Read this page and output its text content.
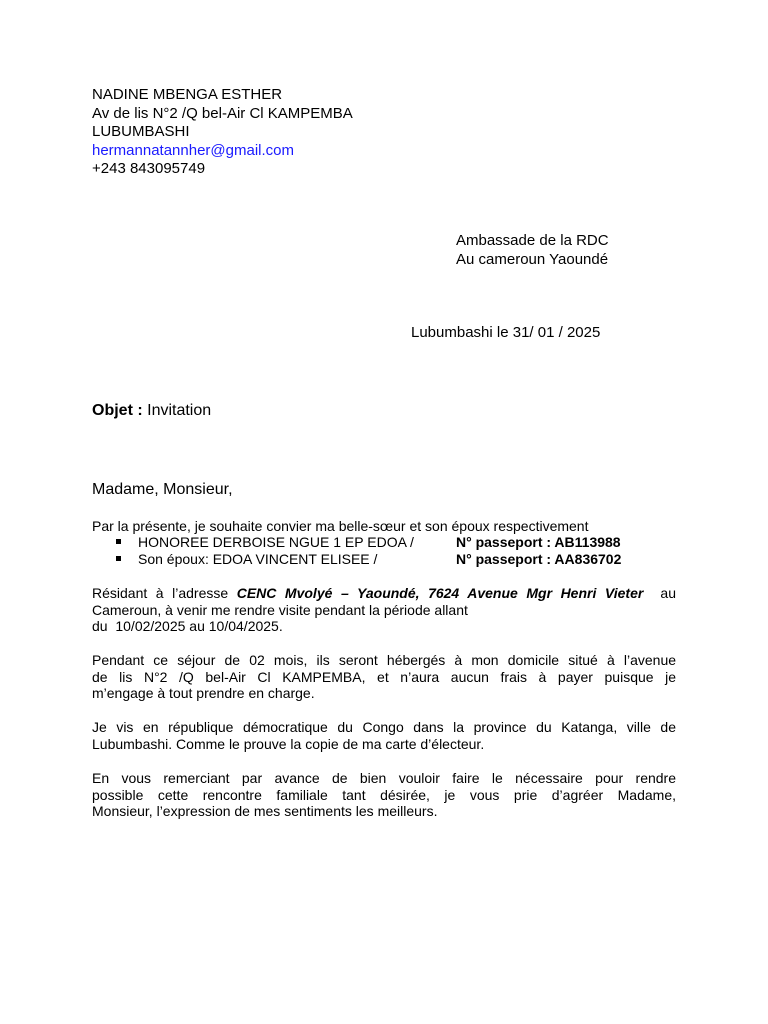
NADINE MBENGA ESTHER
Av de lis N°2 /Q bel-Air Cl KAMPEMBA
LUBUMBASHI
hermannatannher@gmail.com
+243 843095749
Ambassade de la RDC
Au cameroun Yaoundé
Lubumbashi le 31/ 01 / 2025
Objet : Invitation
Madame, Monsieur,
Par la présente, je souhaite convier ma belle-sœur et son époux respectivement
HONOREE DERBOISE NGUE 1 EP EDOA /	N° passeport : AB113988
Son époux: EDOA VINCENT ELISEE /	N° passeport : AA836702
Résidant à l’adresse CENC Mvolyé – Yaoundé, 7624 Avenue Mgr Henri Vieter  au
Cameroun, à venir me rendre visite pendant la période allant
du  10/02/2025 au 10/04/2025.
Pendant ce séjour de 02 mois, ils seront hébergés à mon domicile situé à l’avenue
de lis N°2 /Q bel-Air Cl KAMPEMBA, et n’aura aucun frais à payer puisque je
m’engage à tout prendre en charge.
Je vis en république démocratique du Congo dans la province du Katanga, ville de
Lubumbashi. Comme le prouve la copie de ma carte d’électeur.
En vous remerciant par avance de bien vouloir faire le nécessaire pour rendre
possible cette rencontre familiale tant désirée, je vous prie d’agréer Madame,
Monsieur, l’expression de mes sentiments les meilleurs.
